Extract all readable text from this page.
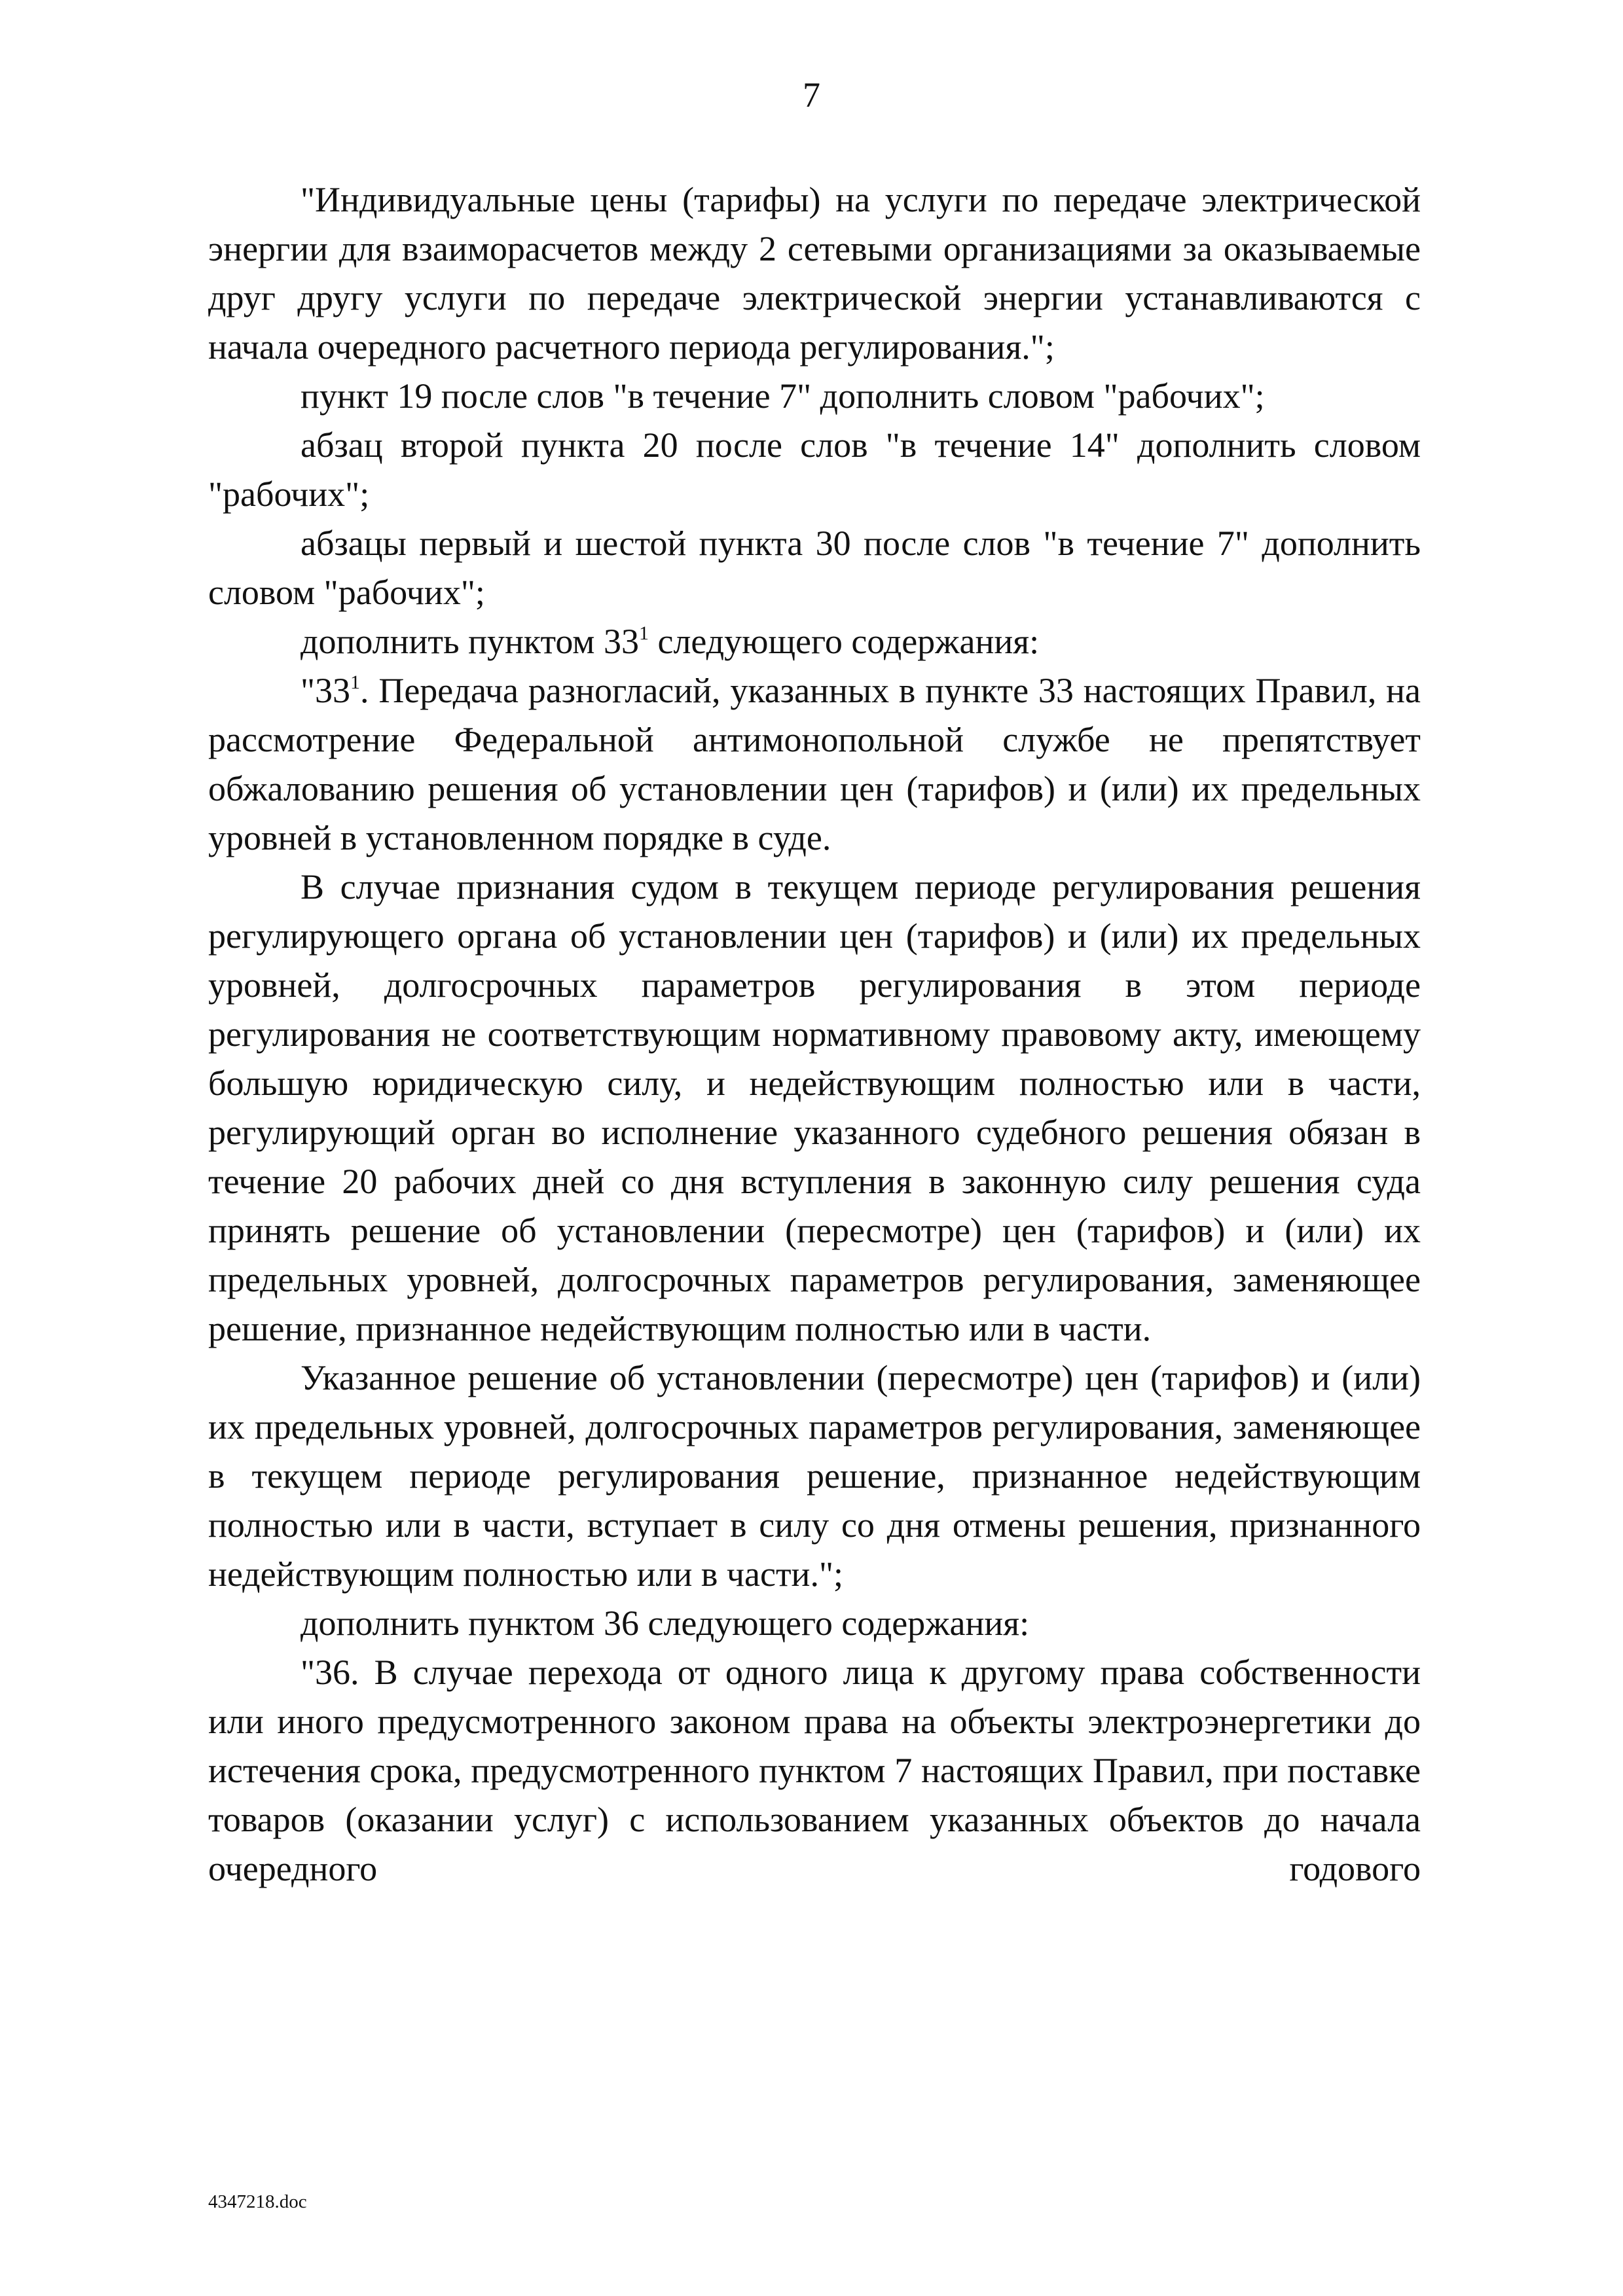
7

"Индивидуальные цены (тарифы) на услуги по передаче электрической энергии для взаиморасчетов между 2 сетевыми организациями за оказываемые друг другу услуги по передаче электрической энергии устанавливаются с начала очередного расчетного периода регулирования.";

пункт 19 после слов "в течение 7" дополнить словом "рабочих";

абзац второй пункта 20 после слов "в течение 14" дополнить словом "рабочих";

абзацы первый и шестой пункта 30 после слов "в течение 7" дополнить словом "рабочих";

дополнить пунктом $33^1$ следующего содержания:

"$33^1$. Передача разногласий, указанных в пункте 33 настоящих Правил, на рассмотрение Федеральной антимонопольной службе не препятствует обжалованию решения об установлении цен (тарифов) и (или) их предельных уровней в установленном порядке в суде.

В случае признания судом в текущем периоде регулирования решения регулирующего органа об установлении цен (тарифов) и (или) их предельных уровней, долгосрочных параметров регулирования в этом периоде регулирования не соответствующим нормативному правовому акту, имеющему большую юридическую силу, и недействующим полностью или в части, регулирующий орган во исполнение указанного судебного решения обязан в течение 20 рабочих дней со дня вступления в законную силу решения суда принять решение об установлении (пересмотре) цен (тарифов) и (или) их предельных уровней, долгосрочных параметров регулирования, заменяющее решение, признанное недействующим полностью или в части.

Указанное решение об установлении (пересмотре) цен (тарифов) и (или) их предельных уровней, долгосрочных параметров регулирования, заменяющее в текущем периоде регулирования решение, признанное недействующим полностью или в части, вступает в силу со дня отмены решения, признанного недействующим полностью или в части.";

дополнить пунктом 36 следующего содержания:

"36. В случае перехода от одного лица к другому права собственности или иного предусмотренного законом права на объекты электроэнергетики до истечения срока, предусмотренного пунктом 7 настоящих Правил, при поставке товаров (оказании услуг) с использованием указанных объектов до начала очередного годового

4347218.doc
